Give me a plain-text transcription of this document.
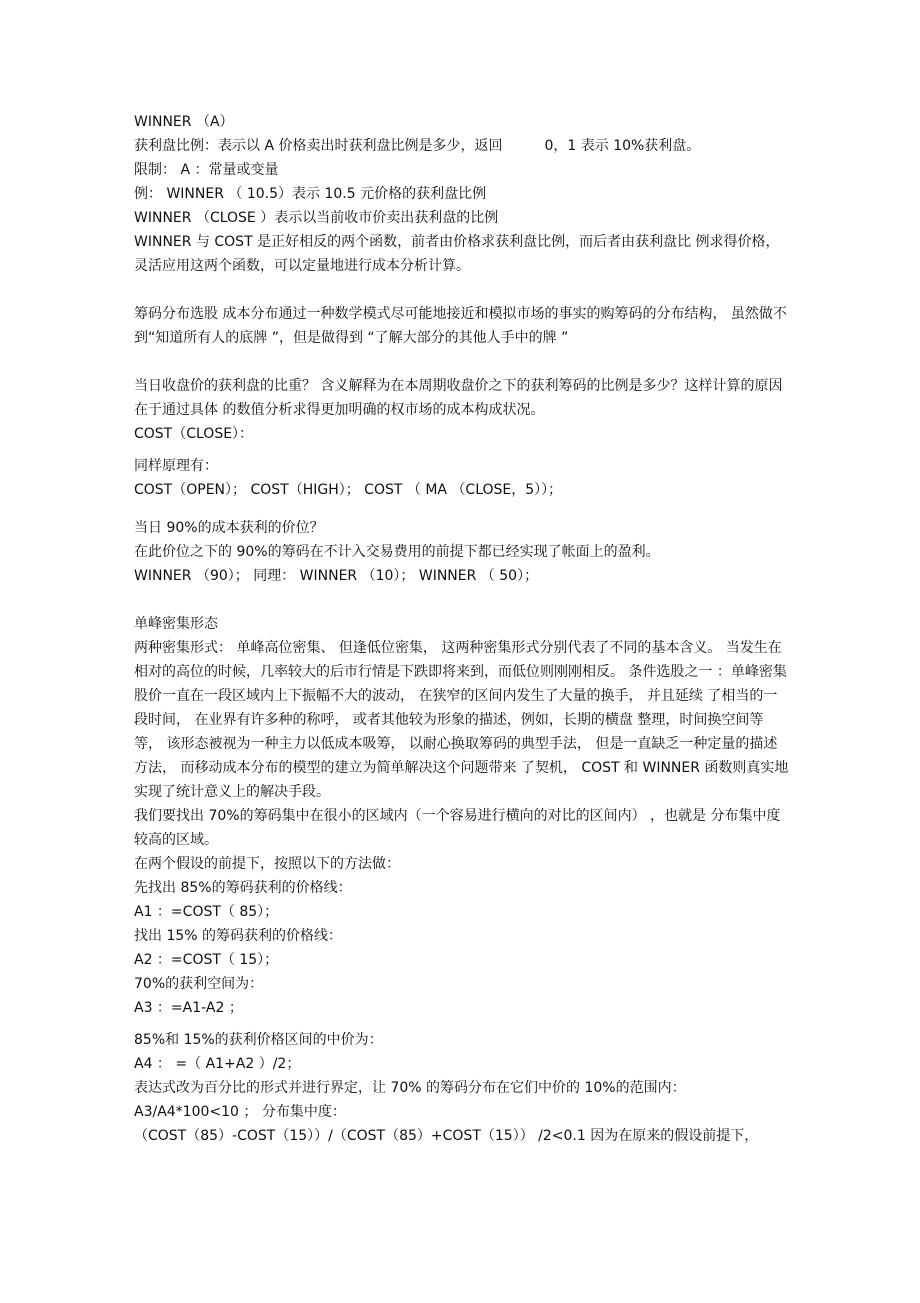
WINNER （A）
获利盘比例：表示以 A 价格卖出时获利盘比例是多少，返回　　　0，1 表示 10%获利盘。
限制： A ：常量或变量
例： WINNER （ 10.5）表示 10.5 元价格的获利盘比例
WINNER （CLOSE ）表示以当前收市价卖出获利盘的比例
WINNER 与 COST 是正好相反的两个函数，前者由价格求获利盘比例，而后者由获利盘比 例求得价格，灵活应用这两个函数，可以定量地进行成本分析计算。
筹码分布选股 成本分布通过一种数学模式尽可能地接近和模拟市场的事实的购筹码的分布结构， 虽然做不 到“知道所有人的底牌 ”，但是做得到 “了解大部分的其他人手中的牌 ”
当日收盘价的获利盘的比重？ 含义解释为在本周期收盘价之下的获利筹码的比例是多少？这样计算的原因在于通过具体 的数值分析求得更加明确的权市场的成本构成状况。
COST（CLOSE）：
同样原理有：
COST（OPEN）； COST（HIGH）； COST （ MA （CLOSE，5））；
当日 90%的成本获利的价位？
在此价位之下的 90%的筹码在不计入交易费用的前提下都已经实现了帐面上的盈利。
WINNER （90）； 同理： WINNER （10）； WINNER （ 50）；
单峰密集形态
两种密集形式： 单峰高位密集、 但逢低位密集， 这两种密集形式分别代表了不同的基本含义。 当发生在相对的高位的时候，几率较大的后市行情是下跌即将来到，而低位则刚刚相反。 条件选股之一 ：单峰密集
股价一直在一段区域内上下振幅不大的波动， 在狭窄的区间内发生了大量的换手， 并且延续 了相当的一段时间， 在业界有许多种的称呼， 或者其他较为形象的描述，例如，长期的横盘 整理，时间换空间等等， 该形态被视为一种主力以低成本吸筹， 以耐心换取筹码的典型手法， 但是一直缺乏一种定量的描述方法， 而移动成本分布的模型的建立为简单解决这个问题带来 了契机， COST 和 WINNER 函数则真实地实现了统计意义上的解决手段。
我们要找出 70%的筹码集中在很小的区域内（一个容易进行横向的对比的区间内） ，也就是 分布集中度较高的区域。
在两个假设的前提下，按照以下的方法做：
先找出 85%的筹码获利的价格线：
A1 ：=COST（ 85）；
找出 15% 的筹码获利的价格线：
A2 ：=COST（ 15）；
70%的获利空间为：
A3 ：=A1-A2 ；
85%和 15%的获利价格区间的中价为：
A4 ： =（ A1+A2 ）/2；
表达式改为百分比的形式并进行界定，让 70% 的筹码分布在它们中价的 10%的范围内：
A3/A4*100<10 ； 分布集中度：
（COST（85）-COST（15））/（COST（85）+COST（15）） /2<0.1 因为在原来的假设前提下，
